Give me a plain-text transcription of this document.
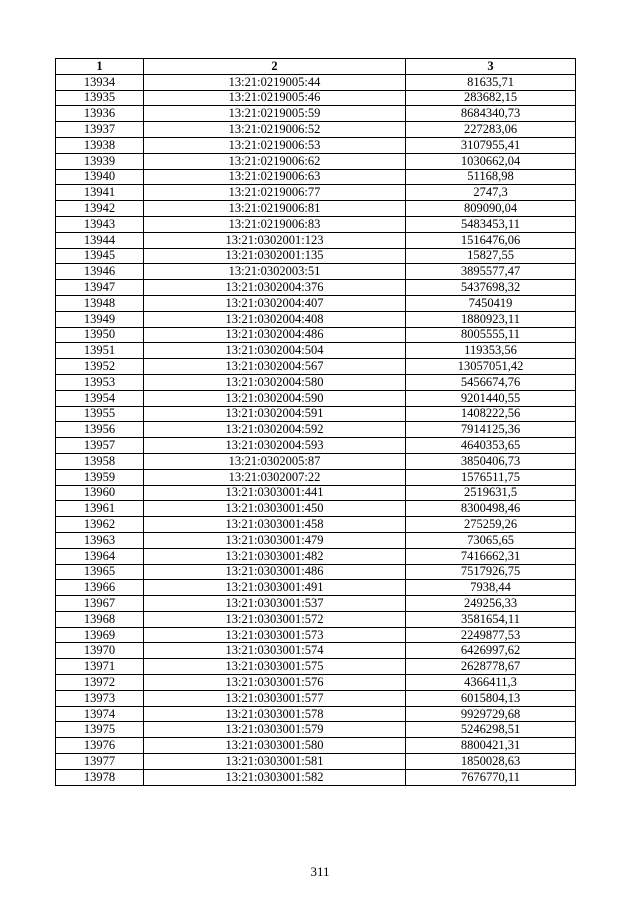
1	2	3
13934	13:21:0219005:44	81635,71
13935	13:21:0219005:46	283682,15
13936	13:21:0219005:59	8684340,73
13937	13:21:0219006:52	227283,06
13938	13:21:0219006:53	3107955,41
13939	13:21:0219006:62	1030662,04
13940	13:21:0219006:63	51168,98
13941	13:21:0219006:77	2747,3
13942	13:21:0219006:81	809090,04
13943	13:21:0219006:83	5483453,11
13944	13:21:0302001:123	1516476,06
13945	13:21:0302001:135	15827,55
13946	13:21:0302003:51	3895577,47
13947	13:21:0302004:376	5437698,32
13948	13:21:0302004:407	7450419
13949	13:21:0302004:408	1880923,11
13950	13:21:0302004:486	8005555,11
13951	13:21:0302004:504	119353,56
13952	13:21:0302004:567	13057051,42
13953	13:21:0302004:580	5456674,76
13954	13:21:0302004:590	9201440,55
13955	13:21:0302004:591	1408222,56
13956	13:21:0302004:592	7914125,36
13957	13:21:0302004:593	4640353,65
13958	13:21:0302005:87	3850406,73
13959	13:21:0302007:22	1576511,75
13960	13:21:0303001:441	2519631,5
13961	13:21:0303001:450	8300498,46
13962	13:21:0303001:458	275259,26
13963	13:21:0303001:479	73065,65
13964	13:21:0303001:482	7416662,31
13965	13:21:0303001:486	7517926,75
13966	13:21:0303001:491	7938,44
13967	13:21:0303001:537	249256,33
13968	13:21:0303001:572	3581654,11
13969	13:21:0303001:573	2249877,53
13970	13:21:0303001:574	6426997,62
13971	13:21:0303001:575	2628778,67
13972	13:21:0303001:576	4366411,3
13973	13:21:0303001:577	6015804,13
13974	13:21:0303001:578	9929729,68
13975	13:21:0303001:579	5246298,51
13976	13:21:0303001:580	8800421,31
13977	13:21:0303001:581	1850028,63
13978	13:21:0303001:582	7676770,11
311
